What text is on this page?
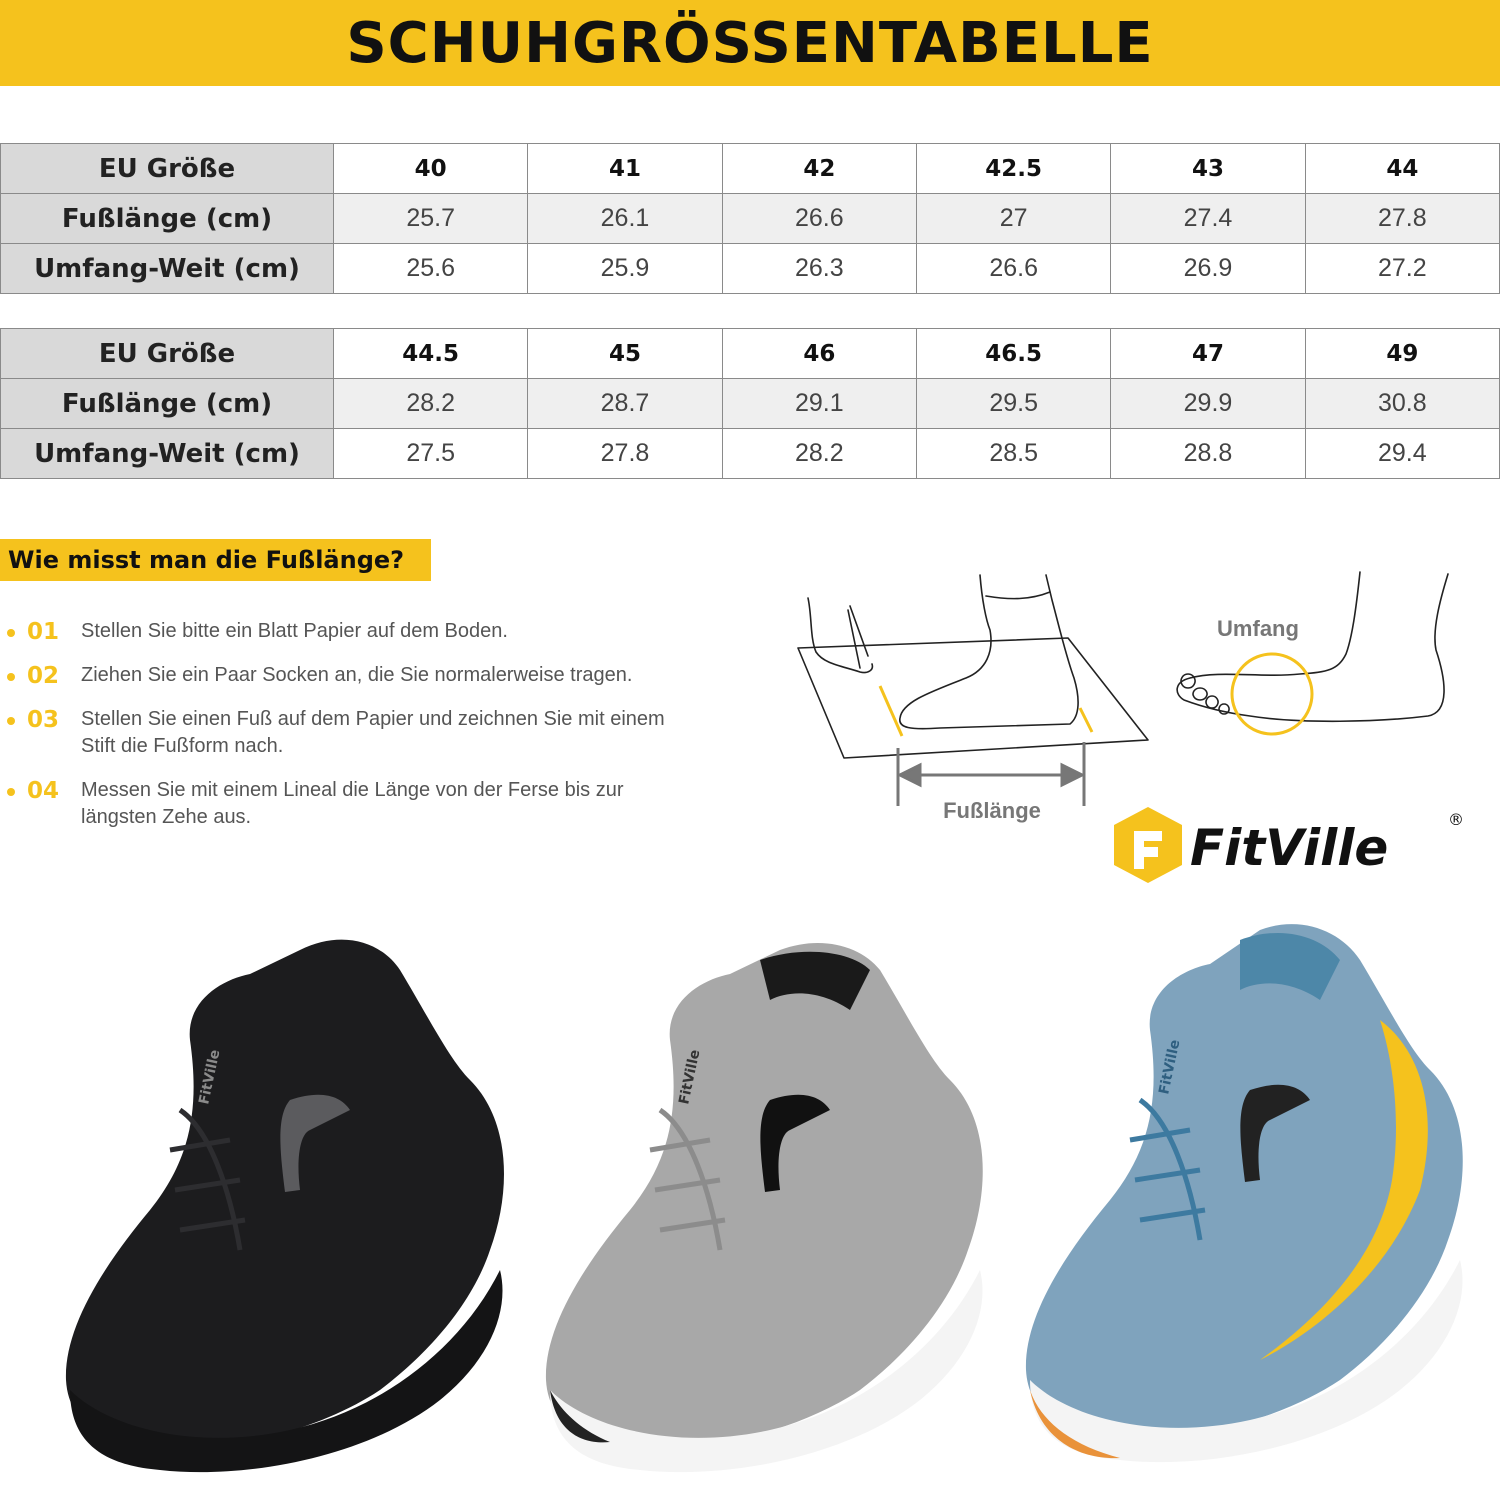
SCHUHGRÖSSENTABELLE
EU Größe	40	41	42	42.5	43	44
Fußlänge (cm)	25.7	26.1	26.6	27	27.4	27.8
Umfang-Weit (cm)	25.6	25.9	26.3	26.6	26.9	27.2
EU Größe	44.5	45	46	46.5	47	49
Fußlänge (cm)	28.2	28.7	29.1	29.5	29.9	30.8
Umfang-Weit (cm)	27.5	27.8	28.2	28.5	28.8	29.4
Wie misst man die Fußlänge?
01	Stellen Sie bitte ein Blatt Papier auf dem Boden.
02	Ziehen Sie ein Paar Socken an, die Sie normalerweise tragen.
03	Stellen Sie einen Fuß auf dem Papier und zeichnen Sie mit einem Stift die Fußform nach.
04	Messen Sie mit einem Lineal die Länge von der Ferse bis zur längsten Zehe aus.	Fußlänge
Umfang
FitVille	®
FitVille	FitVille	FitVille
